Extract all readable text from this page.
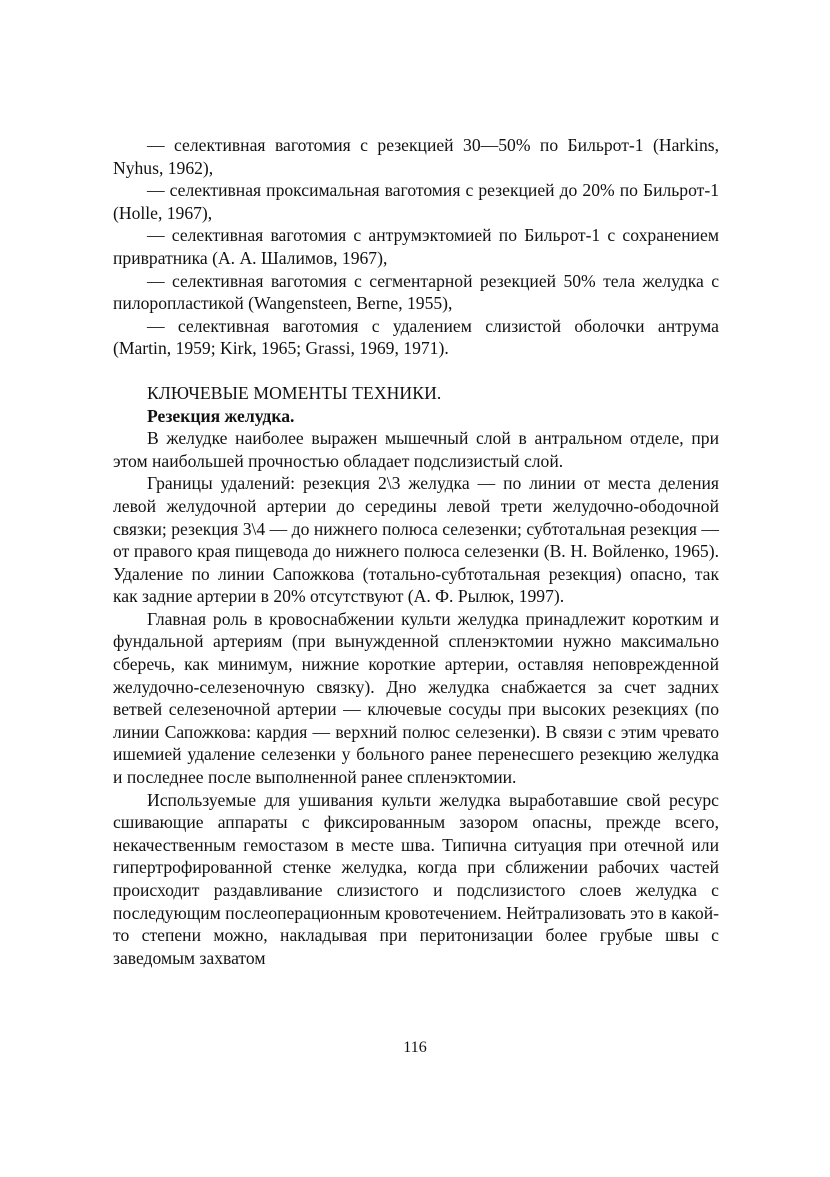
— селективная ваготомия с резекцией 30—50% по Бильрот-1 (Harkins, Nyhus, 1962),

— селективная проксимальная ваготомия с резекцией до 20% по Бильрот-1 (Holle, 1967),

— селективная ваготомия с антрумэктомией по Бильрот-1 с сохранением привратника (А. А. Шалимов, 1967),

— селективная ваготомия с сегментарной резекцией 50% тела желудка с пилоропластикой (Wangensteen, Berne, 1955),

— селективная ваготомия с удалением слизистой оболочки антрума (Martin, 1959; Kirk, 1965; Grassi, 1969, 1971).

КЛЮЧЕВЫЕ МОМЕНТЫ ТЕХНИКИ.

Резекция желудка.

В желудке наиболее выражен мышечный слой в антральном отделе, при этом наибольшей прочностью обладает подслизистый слой.

Границы удалений: резекция 2\3 желудка — по линии от места деления левой желудочной артерии до середины левой трети желудочно-ободочной связки; резекция 3\4 — до нижнего полюса селезенки; субтотальная резекция — от правого края пищевода до нижнего полюса селезенки (В. Н. Войленко, 1965). Удаление по линии Сапожкова (тотально-субтотальная резекция) опасно, так как задние артерии в 20% отсутствуют (А. Ф. Рылюк, 1997).

Главная роль в кровоснабжении культи желудка принадлежит коротким и фундальной артериям (при вынужденной спленэктомии нужно максимально сберечь, как минимум, нижние короткие артерии, оставляя неповрежденной желудочно-селезеночную связку). Дно желудка снабжается за счет задних ветвей селезеночной артерии — ключевые сосуды при высоких резекциях (по линии Сапожкова: кардия — верхний полюс селезенки). В связи с этим чревато ишемией удаление селезенки у больного ранее перенесшего резекцию желудка и последнее после выполненной ранее спленэктомии.

Используемые для ушивания культи желудка выработавшие свой ресурс сшивающие аппараты с фиксированным зазором опасны, прежде всего, некачественным гемостазом в месте шва. Типична ситуация при отечной или гипертрофированной стенке желудка, когда при сближении рабочих частей происходит раздавливание слизистого и подслизистого слоев желудка с последующим послеоперационным кровотечением. Нейтрализовать это в какой-то степени можно, накладывая при перитонизации более грубые швы с заведомым захватом

116
